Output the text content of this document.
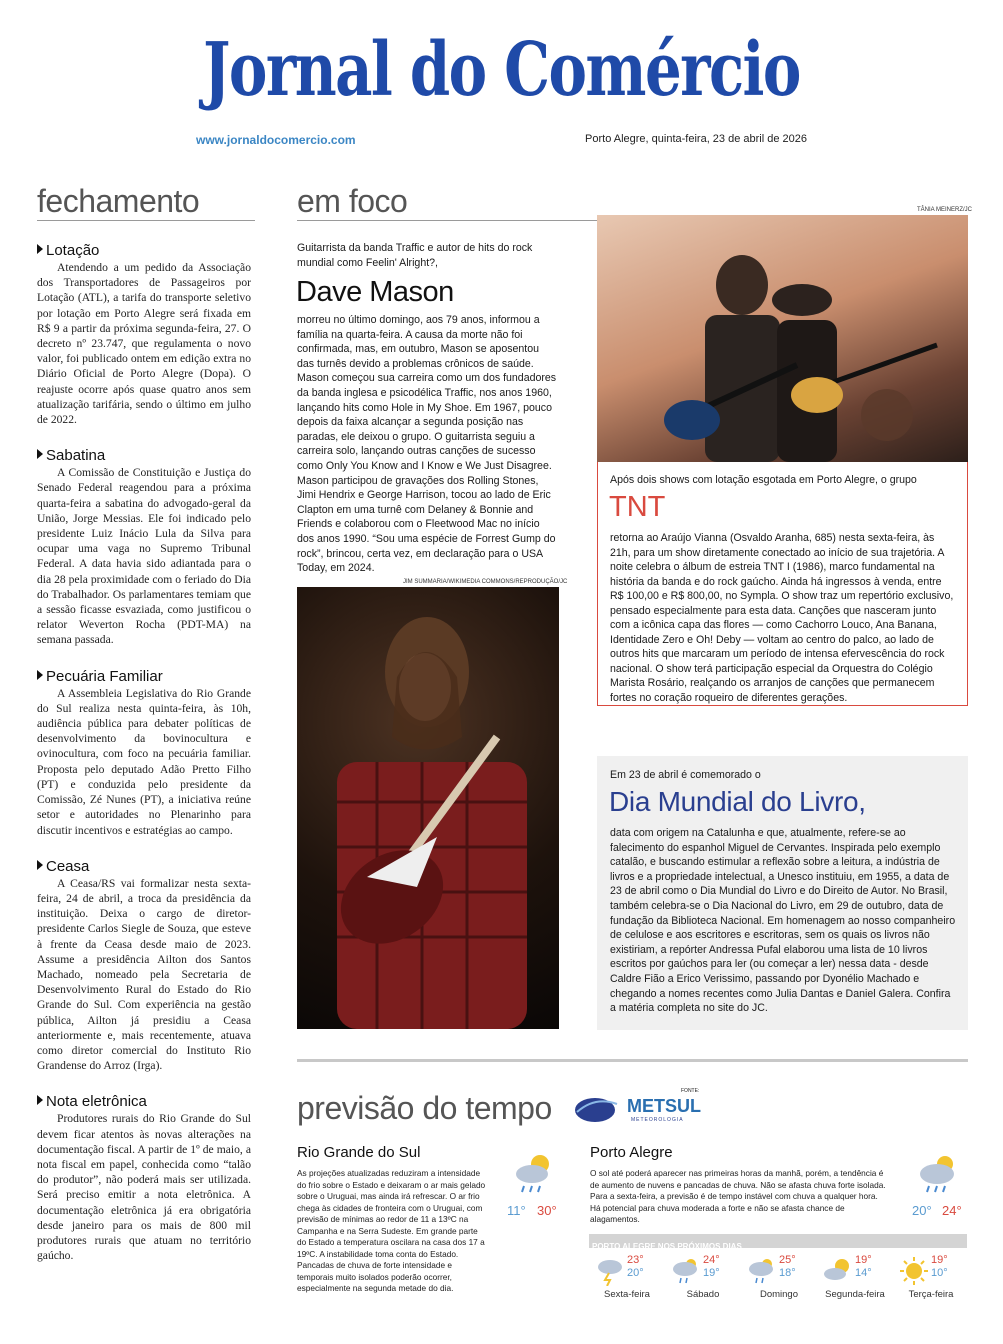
Jornal do Comércio
www.jornaldocomercio.com	Porto Alegre, quinta-feira, 23 de abril de 2026
fechamento	em foco
Lotação

Atendendo a um pedido da Associação dos Transportadores de Passageiros por Lotação (ATL), a tarifa do transporte seletivo por lotação em Porto Alegre será fixada em R$ 9 a partir da próxima segunda-feira, 27. O decreto nº 23.747, que regulamenta o novo valor, foi publicado ontem em edição extra no Diário Oficial de Porto Alegre (Dopa). O reajuste ocorre após quase quatro anos sem atualização tarifária, sendo o último em julho de 2022.

Sabatina

A Comissão de Constituição e Justiça do Senado Federal reagendou para a próxima quarta-feira a sabatina do advogado-geral da União, Jorge Messias. Ele foi indicado pelo presidente Luiz Inácio Lula da Silva para ocupar uma vaga no Supremo Tribunal Federal. A data havia sido adiantada para o dia 28 pela proximidade com o feriado do Dia do Trabalhador. Os parlamentares temiam que a sessão ficasse esvaziada, como justificou o relator Weverton Rocha (PDT-MA) na semana passada.

Pecuária Familiar

A Assembleia Legislativa do Rio Grande do Sul realiza nesta quinta-feira, às 10h, audiência pública para debater políticas de desenvolvimento da bovinocultura e ovinocultura, com foco na pecuária familiar. Proposta pelo deputado Adão Pretto Filho (PT) e conduzida pelo presidente da Comissão, Zé Nunes (PT), a iniciativa reúne setor e autoridades no Plenarinho para discutir incentivos e estratégias ao campo.

Ceasa

A Ceasa/RS vai formalizar nesta sexta-feira, 24 de abril, a troca da presidência da instituição. Deixa o cargo de diretor-presidente Carlos Siegle de Souza, que esteve à frente da Ceasa desde maio de 2023. Assume a presidência Ailton dos Santos Machado, nomeado pela Secretaria de Desenvolvimento Rural do Estado do Rio Grande do Sul. Com experiência na gestão pública, Ailton já presidiu a Ceasa anteriormente e, mais recentemente, atuava como diretor comercial do Instituto Rio Grandense do Arroz (Irga).

Nota eletrônica

Produtores rurais do Rio Grande do Sul devem ficar atentos às novas alterações na documentação fiscal. A partir de 1º de maio, a nota fiscal em papel, conhecida como “talão do produtor”, não poderá mais ser utilizada. Será preciso emitir a nota eletrônica. A documentação eletrônica já era obrigatória desde janeiro para os mais de 800 mil produtores rurais que atuam no território gaúcho.

Guitarrista da banda Traffic e autor de hits do rock mundial como Feelin' Alright?,
Dave Mason
morreu no último domingo, aos 79 anos, informou a família na quarta-feira. A causa da morte não foi confirmada, mas, em outubro, Mason se aposentou das turnês devido a problemas crônicos de saúde. Mason começou sua carreira como um dos fundadores da banda inglesa e psicodélica Traffic, nos anos 1960, lançando hits como Hole in My Shoe. Em 1967, pouco depois da faixa alcançar a segunda posição nas paradas, ele deixou o grupo. O guitarrista seguiu a carreira solo, lançando outras canções de sucesso como Only You Know and I Know e We Just Disagree. Mason participou de gravações dos Rolling Stones, Jimi Hendrix e George Harrison, tocou ao lado de Eric Clapton em uma turnê com Delaney & Bonnie and Friends e colaborou com o Fleetwood Mac no início dos anos 1990. “Sou uma espécie de Forrest Gump do rock”, brincou, certa vez, em declaração para o USA Today, em 2024.
JIM SUMMARIA/WIKIMEDIA COMMONS/REPRODUÇÃO/JC
TÂNIA MEINERZ/JC
Após dois shows com lotação esgotada em Porto Alegre, o grupo
TNT
retorna ao Araújo Vianna (Osvaldo Aranha, 685) nesta sexta-feira, às 21h, para um show diretamente conectado ao início de sua trajetória. A noite celebra o álbum de estreia TNT I (1986), marco fundamental na história da banda e do rock gaúcho. Ainda há ingressos à venda, entre R$ 100,00 e R$ 800,00, no Sympla. O show traz um repertório exclusivo, pensado especialmente para esta data. Canções que nasceram junto com a icônica capa das flores — como Cachorro Louco, Ana Banana, Identidade Zero e Oh! Deby — voltam ao centro do palco, ao lado de outros hits que marcaram um período de intensa efervescência do rock nacional. O show terá participação especial da Orquestra do Colégio Marista Rosário, realçando os arranjos de canções que permanecem fortes no coração roqueiro de diferentes gerações.
Em 23 de abril é comemorado o
Dia Mundial do Livro,
data com origem na Catalunha e que, atualmente, refere-se ao falecimento do espanhol Miguel de Cervantes. Inspirada pelo exemplo catalão, e buscando estimular a reflexão sobre a leitura, a indústria de livros e a propriedade intelectual, a Unesco instituiu, em 1955, a data de 23 de abril como o Dia Mundial do Livro e do Direito de Autor. No Brasil, também celebra-se o Dia Nacional do Livro, em 29 de outubro, data de fundação da Biblioteca Nacional. Em homenagem ao nosso companheiro de celulose e aos escritores e escritoras, sem os quais os livros não existiriam, a repórter Andressa Pufal elaborou uma lista de 10 livros escritos por gaúchos para ler (ou começar a ler) nessa data - desde Caldre Fião a Erico Verissimo, passando por Dyonélio Machado e chegando a nomes recentes como Julia Dantas e Daniel Galera. Confira a matéria completa no site do JC.
previsão do tempo	FONTE:
METSUL
METEOROLOGIA
Rio Grande do Sul
As projeções atualizadas reduziram a intensidade do frio sobre o Estado e deixaram o ar mais gelado sobre o Uruguai, mas ainda irá refrescar. O ar frio chega às cidades de fronteira com o Uruguai, com previsão de mínimas ao redor de 11 a 13ºC na Campanha e na Serra Sudeste. Em grande parte do Estado a temperatura oscilara na casa dos 17 a 19ºC. A instabilidade toma conta do Estado. Pancadas de chuva de forte intensidade e temporais muito isolados poderão ocorrer, especialmente na segunda metade do dia.
11° 30°
Porto Alegre
O sol até poderá aparecer nas primeiras horas da manhã, porém, a tendência é de aumento de nuvens e pancadas de chuva. Não se afasta chuva forte isolada. Para a sexta-feira, a previsão é de tempo instável com chuva a qualquer hora. Há potencial para chuva moderada a forte e não se afasta chance de alagamentos.
20° 24°
PORTO ALEGRE NOS PRÓXIMOS DIAS
23°
20°
Sexta-feira
24°
19°
Sábado
25°
18°
Domingo
19°
14°
Segunda-feira
19°
10°
Terça-feira
